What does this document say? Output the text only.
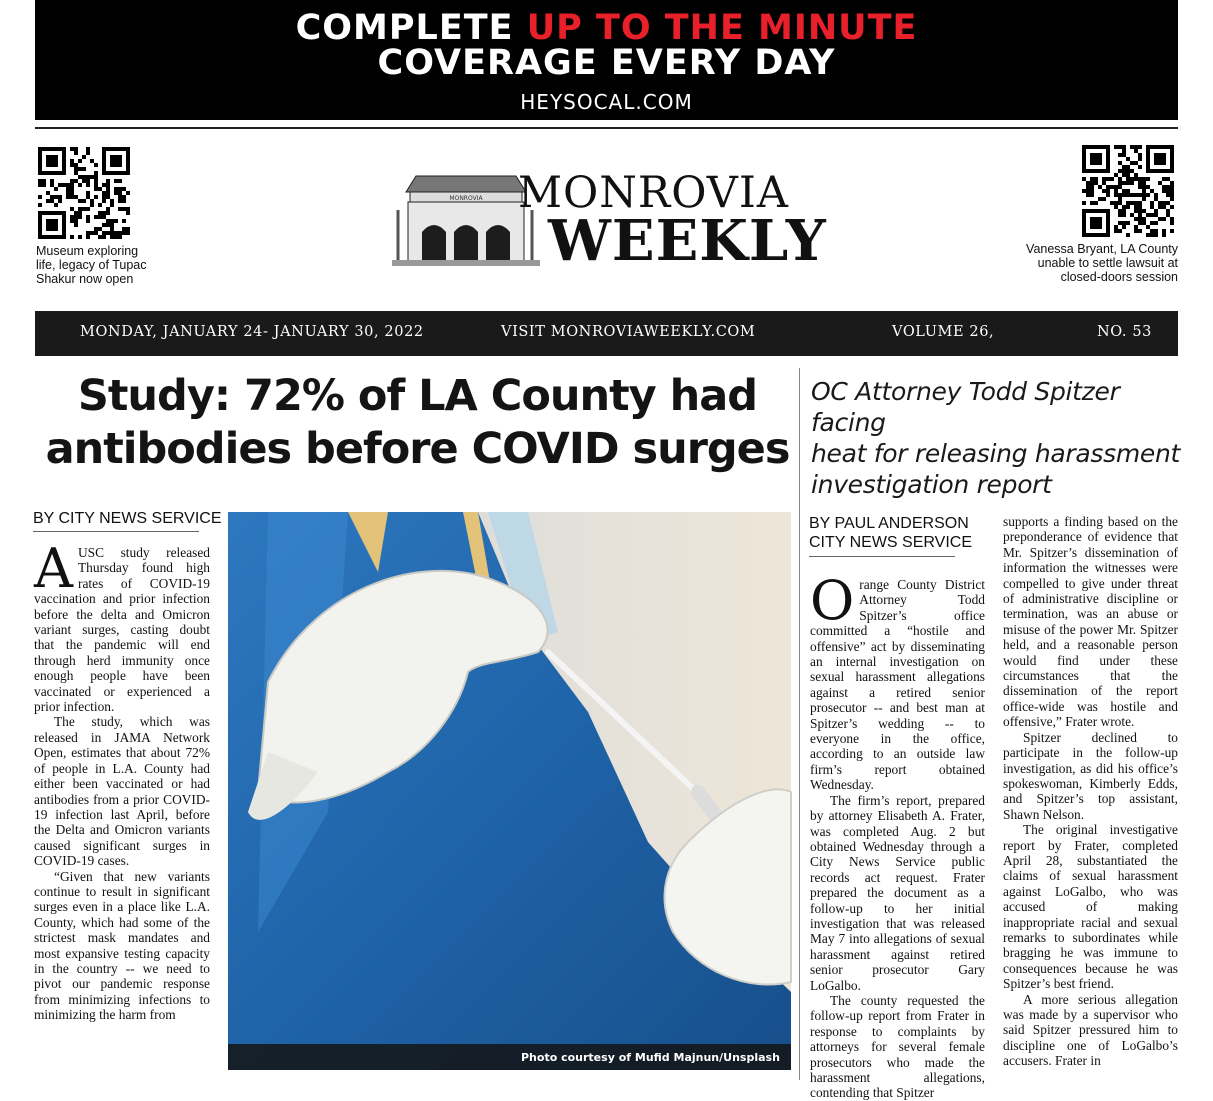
COMPLETE UP TO THE MINUTE
COVERAGE EVERY DAY
HEYSOCAL.COM
Museum exploring
life, legacy of Tupac
Shakur now open
MONROVIA MONROVIA
WEEKLY	Vanessa Bryant, LA County
unable to settle lawsuit at
closed-doors session
MONDAY, JANUARY 24- JANUARY 30, 2022	VISIT MONROVIAWEEKLY.COM	VOLUME 26,	NO. 53
Study: 72% of LA County had
antibodies before COVID surges
BY CITY NEWS SERVICE

AUSC study released Thursday found high rates of COVID-19 vaccination and prior infection before the delta and Omicron variant surges, casting doubt that the pandemic will end through herd immunity once enough people have been vaccinated or experienced a prior infection.

The study, which was released in JAMA Network Open, estimates that about 72% of people in L.A. County had either been vaccinated or had antibodies from a prior COVID-19 infection last April, before the Delta and Omicron variants caused significant surges in COVID-19 cases.

“Given that new variants continue to result in significant surges even in a place like L.A. County, which had some of the strictest mask mandates and most expansive testing capacity in the country -- we need to pivot our pandemic response from minimizing infections to minimizing the harm from

Photo courtesy of Mufid Majnun/Unsplash
OC Attorney Todd Spitzer facing
heat for releasing harassment
investigation report
BY PAUL ANDERSON
CITY NEWS SERVICE

Orange County District Attorney Todd Spitzer’s office committed a “hostile and offensive” act by disseminating an internal investigation on sexual harassment allegations against a retired senior prosecutor -- and best man at Spitzer’s wedding -- to everyone in the office, according to an outside law firm’s report obtained Wednesday.

The firm’s report, prepared by attorney Elisabeth A. Frater, was completed Aug. 2 but obtained Wednesday through a City News Service public records act request. Frater prepared the document as a follow-up to her initial investigation that was released May 7 into allegations of sexual harassment against retired senior prosecutor Gary LoGalbo.

The county requested the follow-up report from Frater in response to complaints by attorneys for several female prosecutors who made the harassment allegations, contending that Spitzer

supports a finding based on the preponderance of evidence that Mr. Spitzer’s dissemination of information the witnesses were compelled to give under threat of administrative discipline or termination, was an abuse or misuse of the power Mr. Spitzer held, and a reasonable person would find under these circumstances that the dissemination of the report office-wide was hostile and offensive,” Frater wrote.

Spitzer declined to participate in the follow-up investigation, as did his office’s spokeswoman, Kimberly Edds, and Spitzer’s top assistant, Shawn Nelson.

The original investigative report by Frater, completed April 28, substantiated the claims of sexual harassment against LoGalbo, who was accused of making inappropriate racial and sexual remarks to subordinates while bragging he was immune to consequences because he was Spitzer’s best friend.

A more serious allegation was made by a supervisor who said Spitzer pressured him to discipline one of LoGalbo’s accusers. Frater in
